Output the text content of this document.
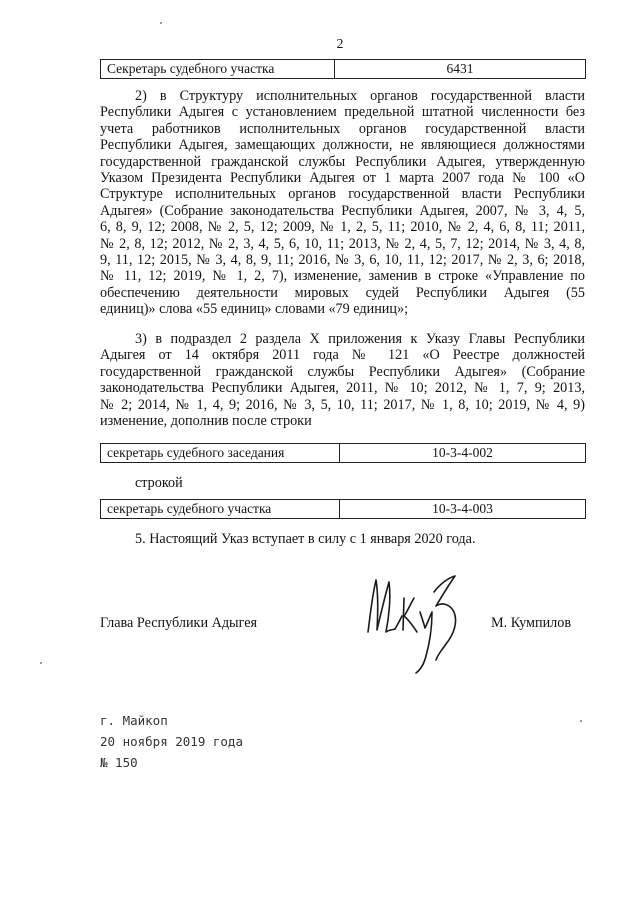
2
Секретарь судебного участка	6431
2) в Структуру исполнительных органов государственной власти
Республики Адыгея с установлением предельной штатной численности без
учета работников исполнительных органов государственной власти
Республики Адыгея, замещающих должности, не являющиеся должностями
государственной гражданской службы Республики Адыгея, утвержденную
Указом Президента Республики Адыгея от 1 марта 2007 года № 100 «О
Структуре исполнительных органов государственной власти Республики
Адыгея» (Собрание законодательства Республики Адыгея, 2007, № 3, 4, 5,
6, 8, 9, 12; 2008, № 2, 5, 12; 2009, № 1, 2, 5, 11; 2010, № 2, 4, 6, 8, 11; 2011,
№ 2, 8, 12; 2012, № 2, 3, 4, 5, 6, 10, 11; 2013, № 2, 4, 5, 7, 12; 2014, № 3, 4, 8,
9, 11, 12; 2015, № 3, 4, 8, 9, 11; 2016, № 3, 6, 10, 11, 12; 2017, № 2, 3, 6; 2018,
№ 11, 12; 2019, № 1, 2, 7), изменение, заменив в строке «Управление по
обеспечению деятельности мировых судей Республики Адыгея (55
единиц)» слова «55 единиц» словами «79 единиц»;
3) в подраздел 2 раздела X приложения к Указу Главы Республики
Адыгея от 14 октября 2011 года № 121 «О Реестре должностей
государственной гражданской службы Республики Адыгея» (Собрание
законодательства Республики Адыгея, 2011, № 10; 2012, № 1, 7, 9; 2013,
№ 2; 2014, № 1, 4, 9; 2016, № 3, 5, 10, 11; 2017, № 1, 8, 10; 2019, № 4, 9)
изменение, дополнив после строки
секретарь судебного заседания	10-3-4-002
строкой
секретарь судебного участка	10-3-4-003
5. Настоящий Указ вступает в силу с 1 января 2020 года.
Глава Республики Адыгея	М. Кумпилов
г. Майкоп
20 ноября 2019 года
№ 150
